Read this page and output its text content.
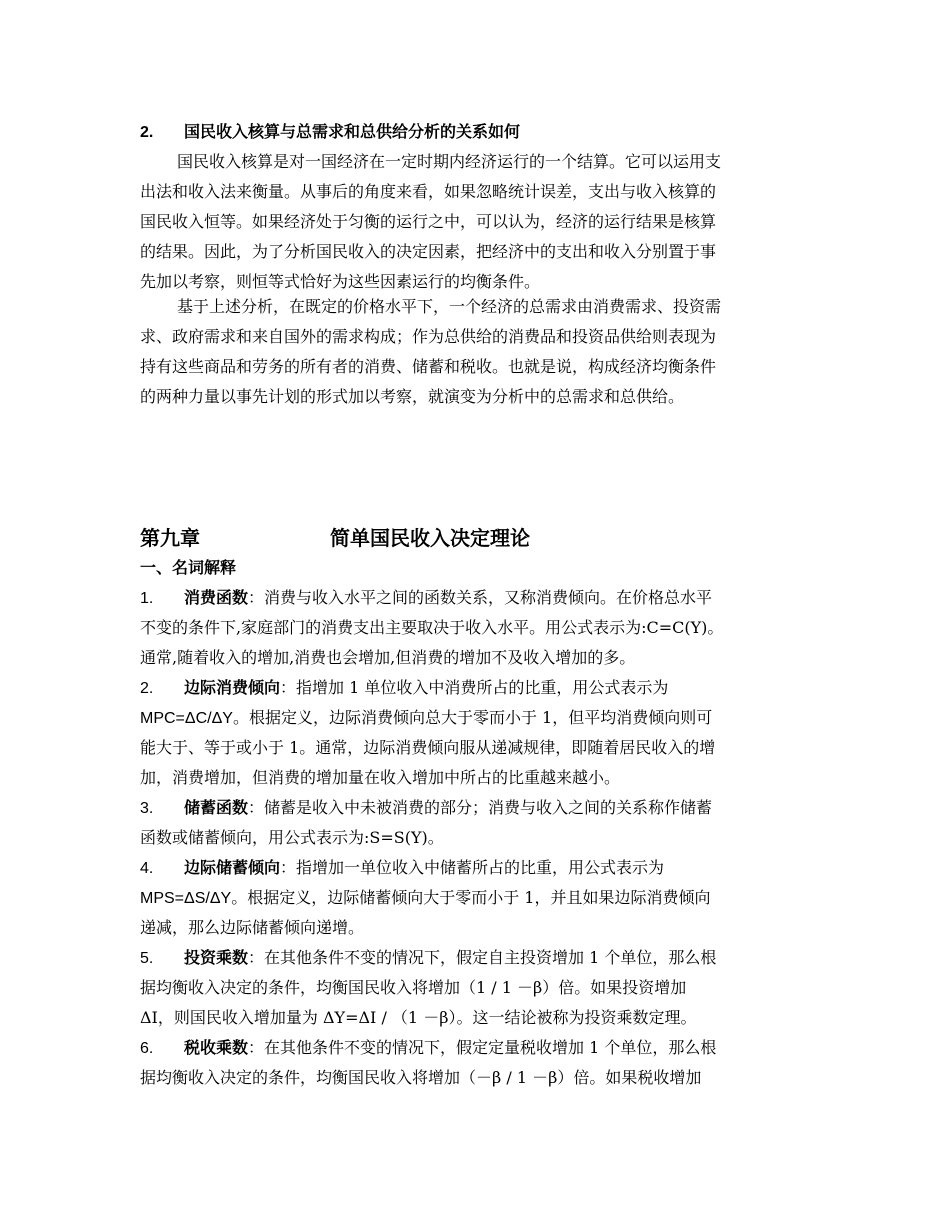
2. 国民收入核算与总需求和总供给分析的关系如何
国民收入核算是对一国经济在一定时期内经济运行的一个结算。它可以运用支
出法和收入法来衡量。从事后的角度来看，如果忽略统计误差，支出与收入核算的
国民收入恒等。如果经济处于匀衡的运行之中，可以认为，经济的运行结果是核算
的结果。因此，为了分析国民收入的决定因素，把经济中的支出和收入分别置于事
先加以考察，则恒等式恰好为这些因素运行的均衡条件。
基于上述分析，在既定的价格水平下，一个经济的总需求由消费需求、投资需
求、政府需求和来自国外的需求构成；作为总供给的消费品和投资品供给则表现为
持有这些商品和劳务的所有者的消费、储蓄和税收。也就是说，构成经济均衡条件
的两种力量以事先计划的形式加以考察，就演变为分析中的总需求和总供给。
第九章	简单国民收入决定理论
一、名词解释
1. 消费函数：消费与收入水平之间的函数关系，又称消费倾向。在价格总水平
不变的条件下,家庭部门的消费支出主要取决于收入水平。用公式表示为:C=C(Y)。
通常,随着收入的增加,消费也会增加,但消费的增加不及收入增加的多。
2. 边际消费倾向：指增加 1 单位收入中消费所占的比重，用公式表示为
MPC=ΔC/ΔY。根据定义，边际消费倾向总大于零而小于 1，但平均消费倾向则可
能大于、等于或小于 1。通常，边际消费倾向服从递减规律，即随着居民收入的增
加，消费增加，但消费的增加量在收入增加中所占的比重越来越小。
3. 储蓄函数：储蓄是收入中未被消费的部分；消费与收入之间的关系称作储蓄
函数或储蓄倾向，用公式表示为:S=S(Y)。
4. 边际储蓄倾向：指增加一单位收入中储蓄所占的比重，用公式表示为
MPS=ΔS/ΔY。根据定义，边际储蓄倾向大于零而小于 1，并且如果边际消费倾向
递减，那么边际储蓄倾向递增。
5. 投资乘数：在其他条件不变的情况下，假定自主投资增加 1 个单位，那么根
据均衡收入决定的条件，均衡国民收入将增加（1 / 1 －β）倍。如果投资增加
ΔI，则国民收入增加量为 ΔY=ΔI / （1 －β）。这一结论被称为投资乘数定理。
6. 税收乘数：在其他条件不变的情况下，假定定量税收增加 1 个单位，那么根
据均衡收入决定的条件，均衡国民收入将增加（－β / 1 －β）倍。如果税收增加
